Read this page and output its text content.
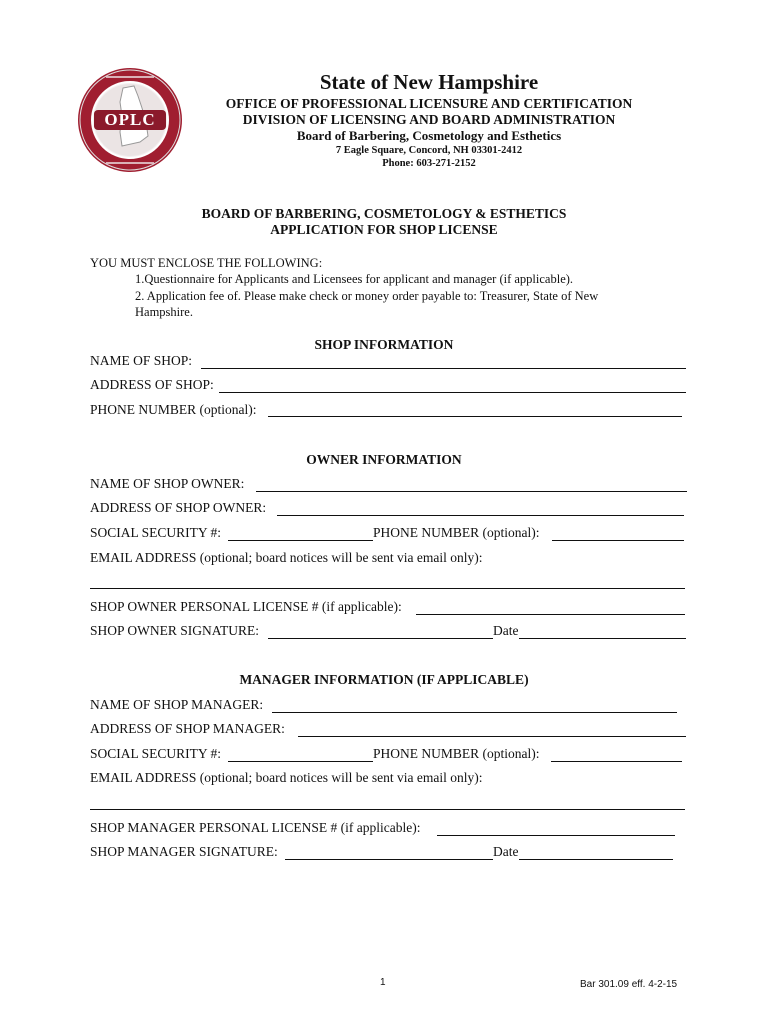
OPLC
State of New Hampshire
OFFICE OF PROFESSIONAL LICENSURE AND CERTIFICATION
DIVISION OF LICENSING AND BOARD ADMINISTRATION
Board of Barbering, Cosmetology and Esthetics
7 Eagle Square, Concord, NH 03301-2412
Phone: 603-271-2152
BOARD OF BARBERING, COSMETOLOGY & ESTHETICS
APPLICATION FOR SHOP LICENSE
YOU MUST ENCLOSE THE FOLLOWING:
1.Questionnaire for Applicants and Licensees for applicant and manager (if applicable).
2. Application fee of. Please make check or money order payable to: Treasurer, State of New
Hampshire.
SHOP INFORMATION
NAME OF SHOP:
ADDRESS OF SHOP:
PHONE NUMBER (optional):
OWNER INFORMATION
NAME OF SHOP OWNER:
ADDRESS OF SHOP OWNER:
SOCIAL SECURITY #:	PHONE NUMBER (optional):
EMAIL ADDRESS (optional; board notices will be sent via email only):
SHOP OWNER PERSONAL LICENSE # (if applicable):
SHOP OWNER SIGNATURE:	Date
MANAGER INFORMATION (IF APPLICABLE)
NAME OF SHOP MANAGER:
ADDRESS OF SHOP MANAGER:
SOCIAL SECURITY #:	PHONE NUMBER (optional):
EMAIL ADDRESS (optional; board notices will be sent via email only):
SHOP MANAGER PERSONAL LICENSE # (if applicable):
SHOP MANAGER SIGNATURE:	Date
1	Bar 301.09 eff. 4-2-15
